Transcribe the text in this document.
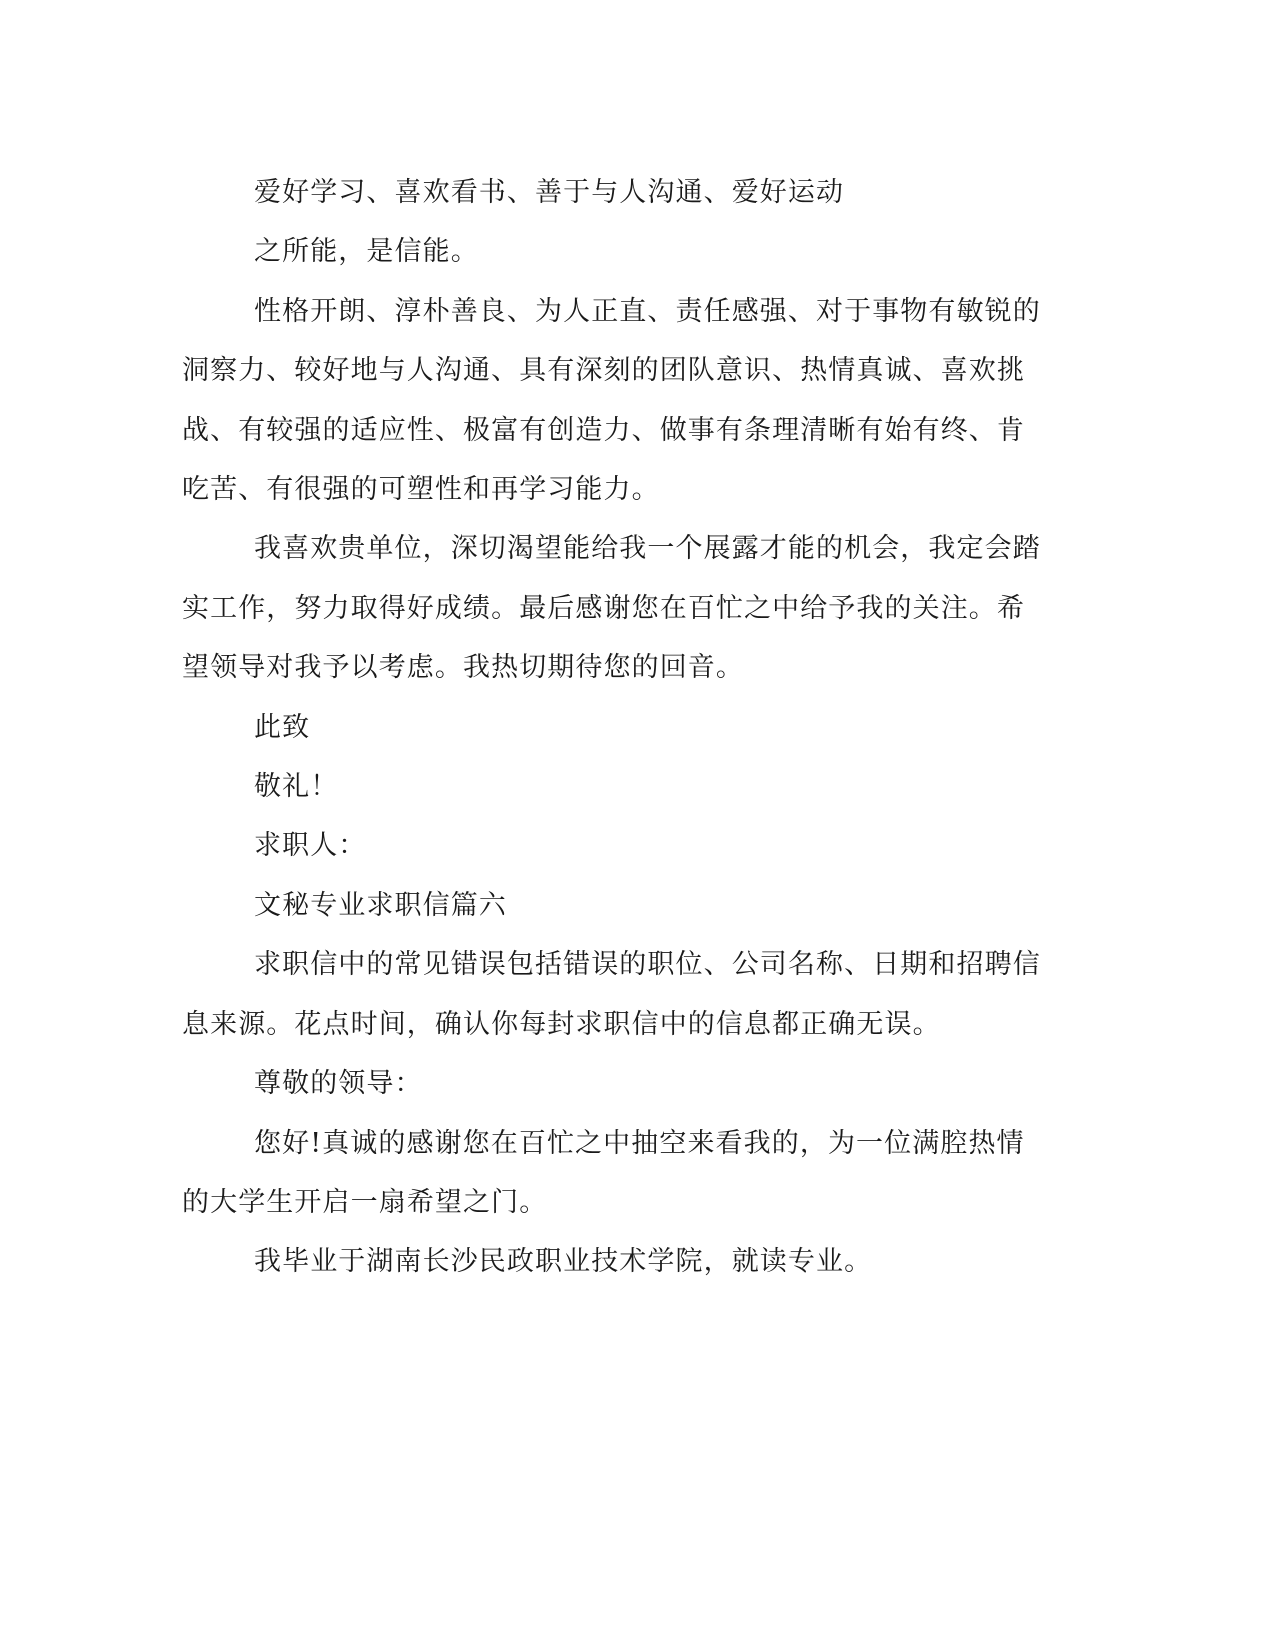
爱好学习、喜欢看书、善于与人沟通、爱好运动

之所能，是信能。

性格开朗、淳朴善良、为人正直、责任感强、对于事物有敏锐的洞察力、较好地与人沟通、具有深刻的团队意识、热情真诚、喜欢挑战、有较强的适应性、极富有创造力、做事有条理清晰有始有终、肯吃苦、有很强的可塑性和再学习能力。

我喜欢贵单位，深切渴望能给我一个展露才能的机会，我定会踏实工作，努力取得好成绩。最后感谢您在百忙之中给予我的关注。希望领导对我予以考虑。我热切期待您的回音。

此致

敬礼！

求职人：

文秘专业求职信篇六

求职信中的常见错误包括错误的职位、公司名称、日期和招聘信息来源。花点时间，确认你每封求职信中的信息都正确无误。

尊敬的领导：

您好!真诚的感谢您在百忙之中抽空来看我的，为一位满腔热情的大学生开启一扇希望之门。

我毕业于湖南长沙民政职业技术学院，就读专业。
